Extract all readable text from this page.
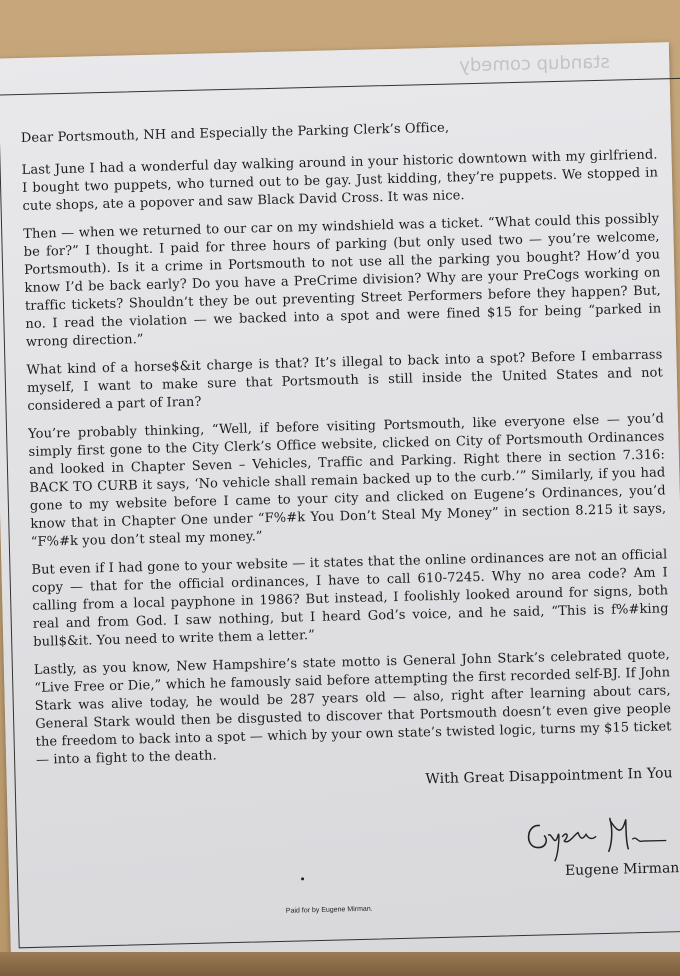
standup comedy

Dear Portsmouth, NH and Especially the Parking Clerk’s Office,

Last June I had a wonderful day walking around in your historic downtown with my girlfriend. I bought two puppets, who turned out to be gay. Just kidding, they’re puppets. We stopped in cute shops, ate a popover and saw Black David Cross. It was nice.

Then — when we returned to our car on my windshield was a ticket. “What could this possibly be for?” I thought. I paid for three hours of parking (but only used two — you’re welcome, Portsmouth). Is it a crime in Portsmouth to not use all the parking you bought? How’d you know I’d be back early? Do you have a PreCrime division? Why are your PreCogs working on traffic tickets? Shouldn’t they be out preventing Street Performers before they happen? But, no. I read the violation — we backed into a spot and were fined $15 for being “parked in wrong direction.”

What kind of a horse$&it charge is that? It’s illegal to back into a spot? Before I embarrass myself, I want to make sure that Portsmouth is still inside the United States and not considered a part of Iran?

You’re probably thinking, “Well, if before visiting Portsmouth, like everyone else — you’d simply first gone to the City Clerk’s Office website, clicked on City of Portsmouth Ordinances and looked in Chapter Seven – Vehicles, Traffic and Parking. Right there in section 7.316: BACK TO CURB it says, ‘No vehicle shall remain backed up to the curb.’” Similarly, if you had gone to my website before I came to your city and clicked on Eugene’s Ordinances, you’d know that in Chapter One under “F%#k You Don’t Steal My Money” in section 8.215 it says, “F%#k you don’t steal my money.”

But even if I had gone to your website — it states that the online ordinances are not an official copy — that for the official ordinances, I have to call 610-7245. Why no area code? Am I calling from a local payphone in 1986? But instead, I foolishly looked around for signs, both real and from God. I saw nothing, but I heard God’s voice, and he said, “This is f%#king bull$&it. You need to write them a letter.”

Lastly, as you know, New Hampshire’s state motto is General John Stark’s celebrated quote, “Live Free or Die,” which he famously said before attempting the first recorded self-BJ. If John Stark was alive today, he would be 287 years old — also, right after learning about cars, General Stark would then be disgusted to discover that Portsmouth doesn’t even give people the freedom to back into a spot — which by your own state’s twisted logic, turns my $15 ticket — into a fight to the death.

With Great Disappointment In You

Eugene Mirman
Paid for by Eugene Mirman.
